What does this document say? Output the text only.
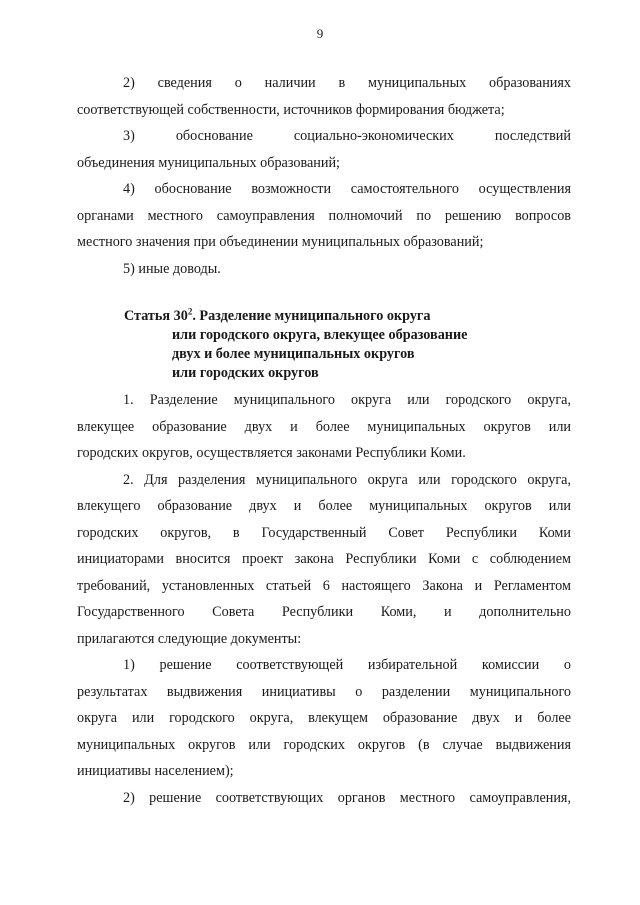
9

2) сведения о наличии в муниципальных образованиях
соответствующей собственности, источников формирования бюджета;

3) обоснование социально-экономических последствий
объединения муниципальных образований;

4) обоснование возможности самостоятельного осуществления
органами местного самоуправления полномочий по решению вопросов
местного значения при объединении муниципальных образований;

5) иные доводы.

Статья $30^2$. Разделение муниципального округа
или городского округа, влекущее образование
двух и более муниципальных округов
или городских округов

1. Разделение муниципального округа или городского округа,
влекущее образование двух и более муниципальных округов или
городских округов, осуществляется законами Республики Коми.

2. Для разделения муниципального округа или городского округа,
влекущего образование двух и более муниципальных округов или
городских округов, в Государственный Совет Республики Коми
инициаторами вносится проект закона Республики Коми с соблюдением
требований, установленных статьей 6 настоящего Закона и Регламентом
Государственного Совета Республики Коми, и дополнительно
прилагаются следующие документы:

1) решение соответствующей избирательной комиссии о
результатах выдвижения инициативы о разделении муниципального
округа или городского округа, влекущем образование двух и более
муниципальных округов или городских округов (в случае выдвижения
инициативы населением);

2) решение соответствующих органов местного самоуправления,
